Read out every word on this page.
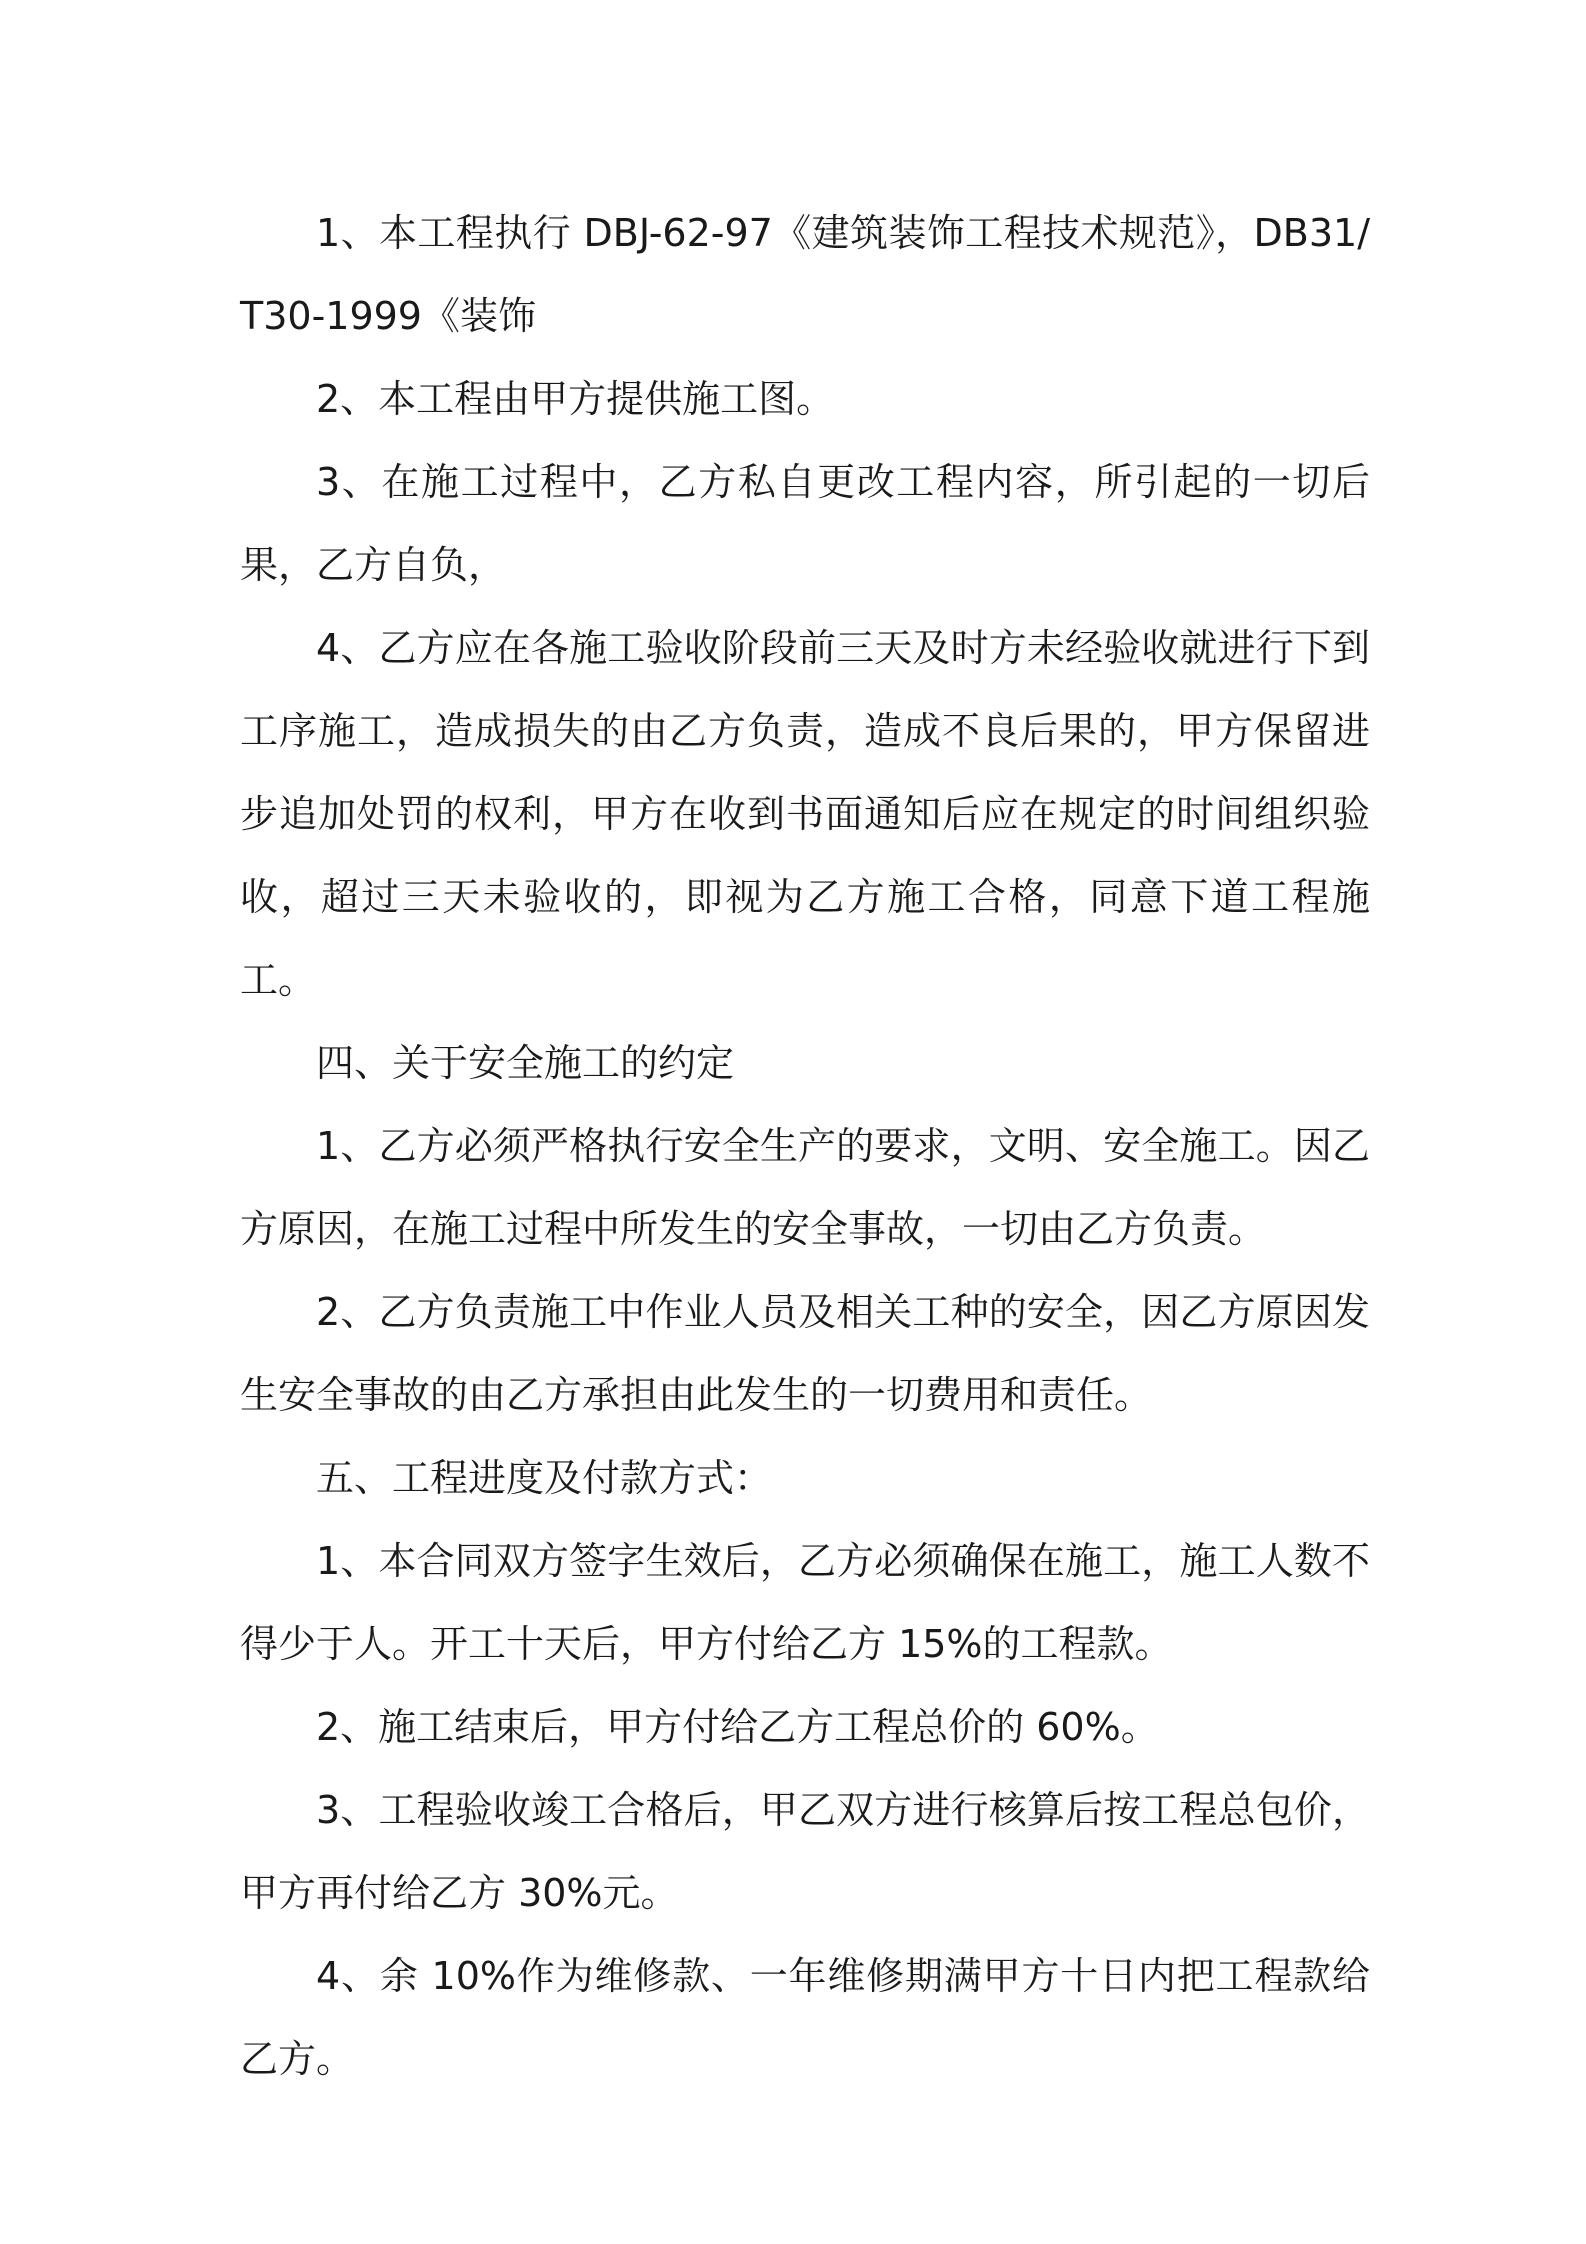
1、本工程执行 DBJ-62-97《建筑装饰工程技术规范》，DB31/T30-1999《装饰

2、本工程由甲方提供施工图。

3、在施工过程中，乙方私自更改工程内容，所引起的一切后果，乙方自负，

4、乙方应在各施工验收阶段前三天及时方未经验收就进行下到工序施工，造成损失的由乙方负责，造成不良后果的，甲方保留进步追加处罚的权利，甲方在收到书面通知后应在规定的时间组织验收，超过三天未验收的，即视为乙方施工合格，同意下道工程施工。

四、关于安全施工的约定

1、乙方必须严格执行安全生产的要求，文明、安全施工。因乙方原因，在施工过程中所发生的安全事故，一切由乙方负责。

2、乙方负责施工中作业人员及相关工种的安全，因乙方原因发生安全事故的由乙方承担由此发生的一切费用和责任。

五、工程进度及付款方式：

1、本合同双方签字生效后，乙方必须确保在施工，施工人数不得少于人。开工十天后，甲方付给乙方 15%的工程款。

2、施工结束后，甲方付给乙方工程总价的 60%。

3、工程验收竣工合格后，甲乙双方进行核算后按工程总包价，甲方再付给乙方 30%元。

4、余 10%作为维修款、一年维修期满甲方十日内把工程款给乙方。
